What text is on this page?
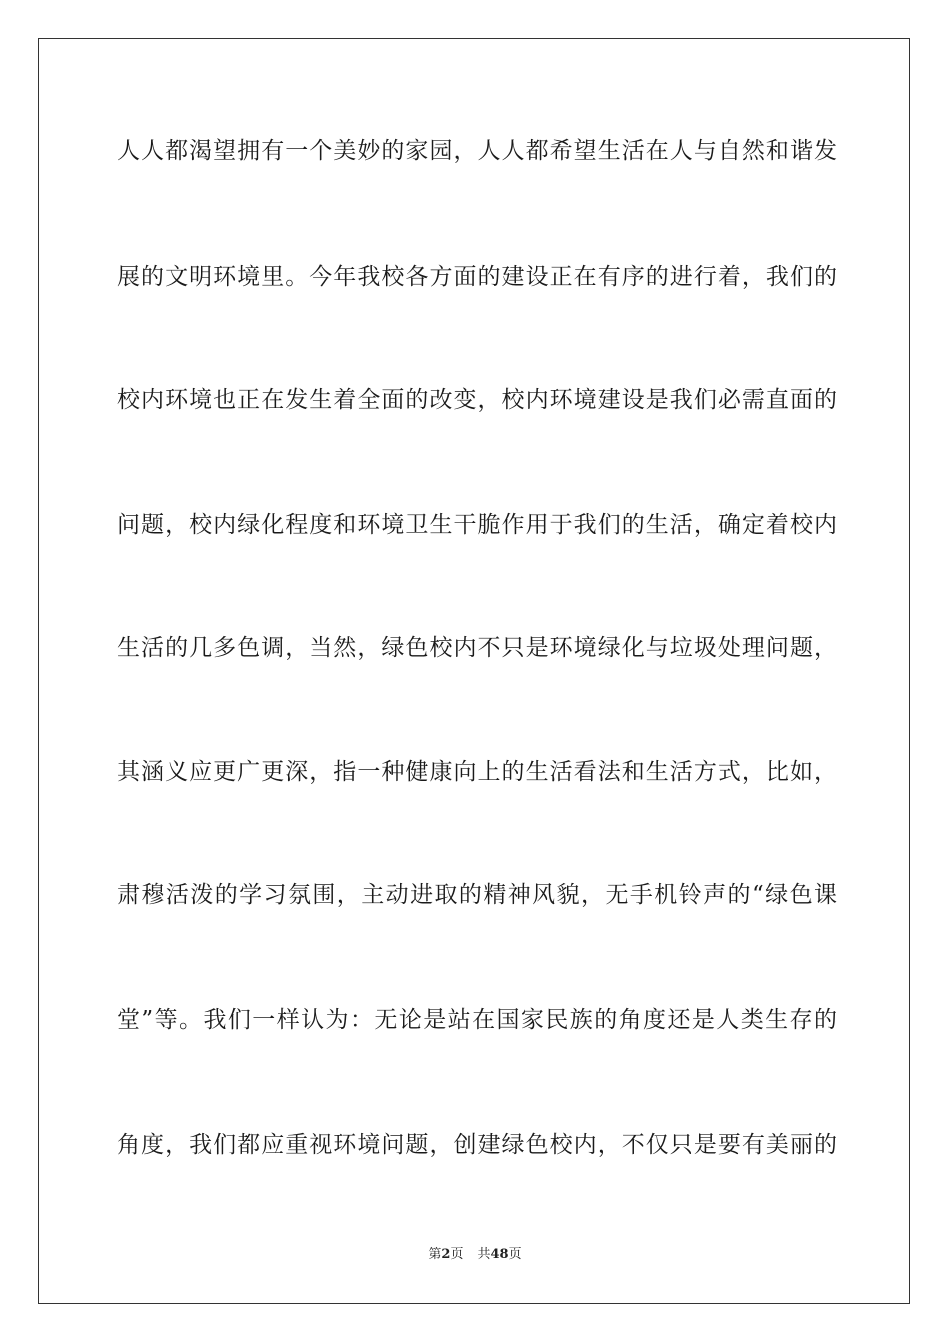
人人都渴望拥有一个美妙的家园，人人都希望生活在人与自然和谐发
展的文明环境里。今年我校各方面的建设正在有序的进行着，我们的
校内环境也正在发生着全面的改变，校内环境建设是我们必需直面的
问题，校内绿化程度和环境卫生干脆作用于我们的生活，确定着校内
生活的几多色调，当然，绿色校内不只是环境绿化与垃圾处理问题，
其涵义应更广更深，指一种健康向上的生活看法和生活方式，比如，
肃穆活泼的学习氛围，主动进取的精神风貌，无手机铃声的“绿色课
堂”等。我们一样认为：无论是站在国家民族的角度还是人类生存的
角度，我们都应重视环境问题，创建绿色校内，不仅只是要有美丽的
第2页 共48页
